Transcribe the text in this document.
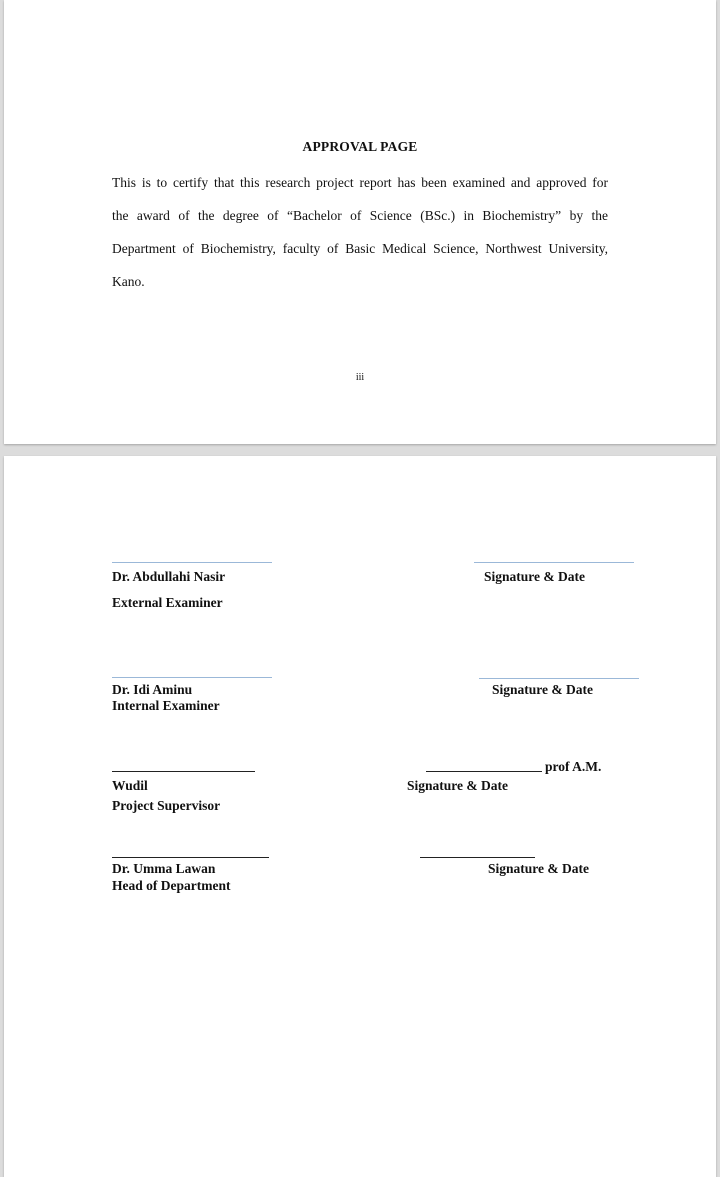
APPROVAL PAGE
This is to certify that this research project report has been examined and approved for
the award of the degree of “Bachelor of Science (BSc.) in Biochemistry” by the
Department of Biochemistry, faculty of Basic Medical Science, Northwest University,
Kano.
iii
Dr. Abdullahi Nasir	Signature & Date
External Examiner
Dr. Idi Aminu	Signature & Date
Internal Examiner
prof A.M.
Wudil	Signature & Date
Project Supervisor
Dr. Umma Lawan	Signature & Date
Head of Department
